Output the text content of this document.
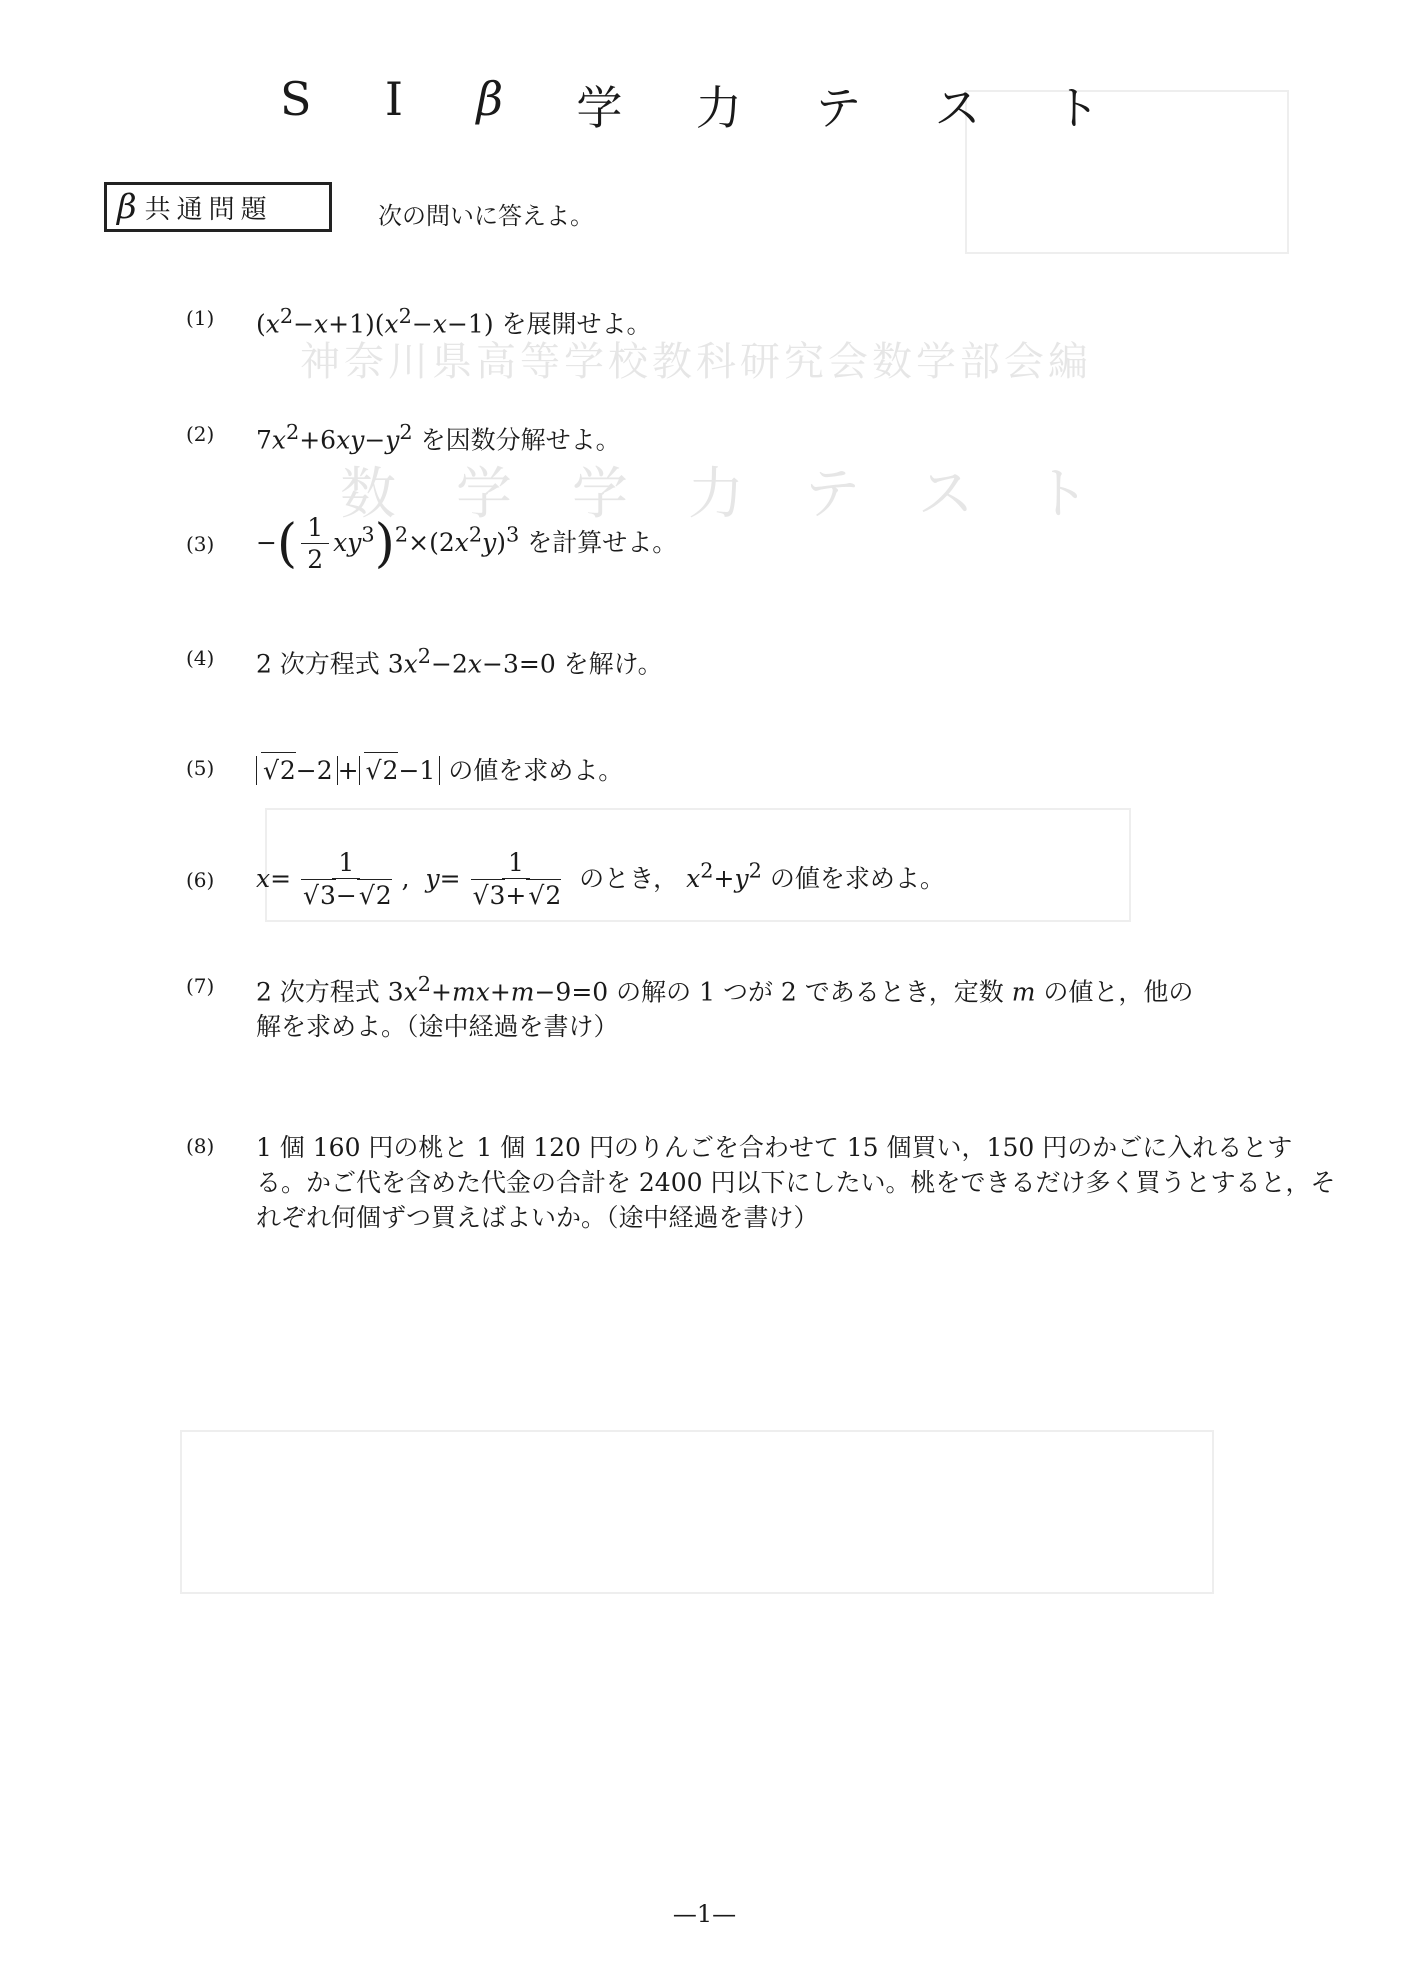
神奈川県高等学校教科研究会数学部会編
数学学力テスト
S I β 学 力 テ ス ト
β 共通問題	次の問いに答えよ。
(1) $(x^2-x+1)(x^2-x-1)$ を展開せよ。
(2) $7x^2+6xy-y^2$ を因数分解せよ。
(3) −( $\frac{1}{2} xy^3)^2\times(2x^2y)^3$ を計算せよ。
(4) 2 次方程式 $3x^2-2x-3=0$ を解け。
(5)	√ 2−2 + √ 2−1 の値を求めよ。
(6) x= 1
√ 3− √ 2 ,  y= 1
√ 3+ √ 2 のとき， $x^2+y^2$ の値を求めよ。
(7) 2 次方程式 $3x^2+mx+m-9=0$ の解の 1 つが 2 であるとき，定数 m の値と，他の
解を求めよ。（途中経過を書け）
(8) 1 個 160 円の桃と 1 個 120 円のりんごを合わせて 15 個買い，150 円のかごに入れるとする。かご代を含めた代金の合計を 2400 円以下にしたい。桃をできるだけ多く買うとすると，それぞれ何個ずつ買えばよいか。（途中経過を書け）
—1—
